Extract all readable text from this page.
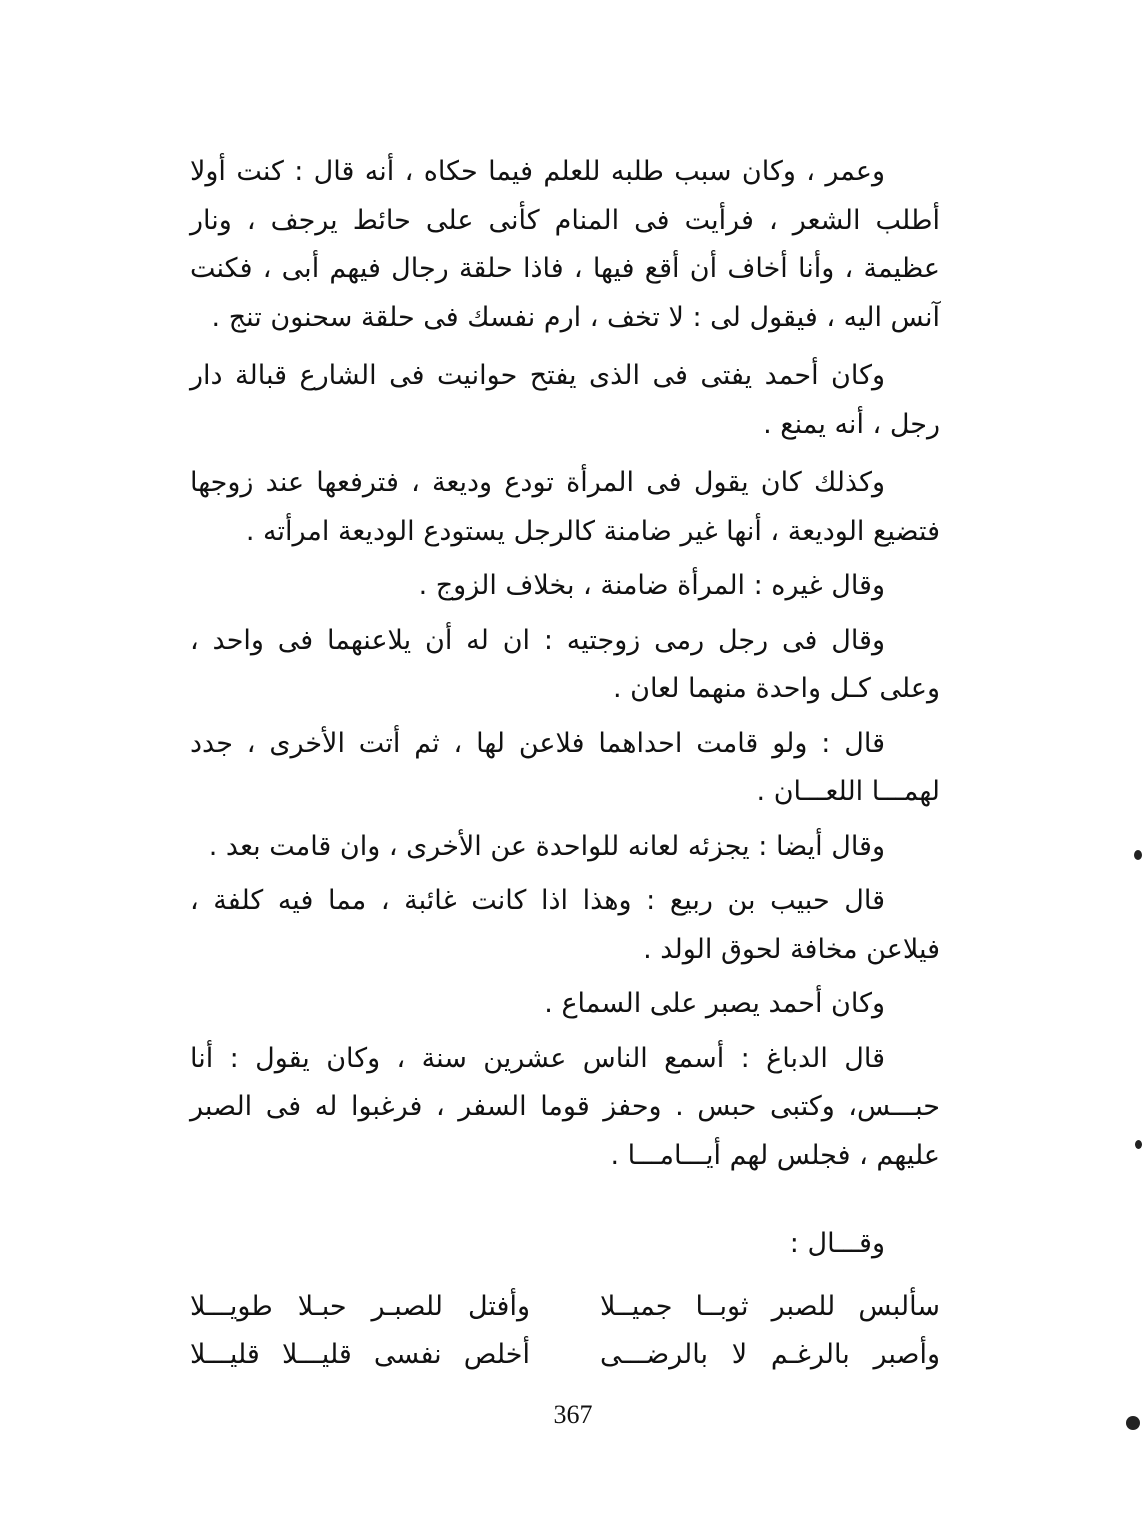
وعمر ، وكان سبب طلبه للعلم فيما حكاه ، أنه قال : كنت أولا أطلب الشعر ، فرأيت فى المنام كأنى على حائط يرجف ، ونار عظيمة ، وأنا أخاف أن أقع فيها ، فاذا حلقة رجال فيهم أبى ، فكنت آنس اليه ، فيقول لى : لا تخف ، ارم نفسك فى حلقة سحنون تنج .

وكان أحمد يفتى فى الذى يفتح حوانيت فى الشارع قبالة دار رجل ، أنه يمنع .

وكذلك كان يقول فى المرأة تودع وديعة ، فترفعها عند زوجها فتضيع الوديعة ، أنها غير ضامنة كالرجل يستودع الوديعة امرأته .

وقال غيره : المرأة ضامنة ، بخلاف الزوج .

وقال فى رجل رمى زوجتيه : ان له أن يلاعنهما فى واحد ، وعلى كـل واحدة منهما لعان .

قال : ولو قامت احداهما فلاعن لها ، ثم أتت الأخرى ، جدد لهمـــا اللعـــان .

وقال أيضا : يجزئه لعانه للواحدة عن الأخرى ، وان قامت بعد .

قال حبيب بن ربيع : وهذا اذا كانت غائبة ، مما فيه كلفة ، فيلاعن مخافة لحوق الولد .

وكان أحمد يصبر على السماع .

قال الدباغ : أسمع الناس عشرين سنة ، وكان يقول : أنا حبـــس، وكتبى حبس . وحفز قوما السفر ، فرغبوا له فى الصبر عليهم ، فجلس لهم أيـــامـــا .

وقـــال :

سألبس للصبر ثوبــا جميــلا
وأفتل للصبـر حبـلا طويـــلا
وأصبر بالرغـم لا بالرضـــى
أخلص نفسى قليـــلا قليـــلا
367
